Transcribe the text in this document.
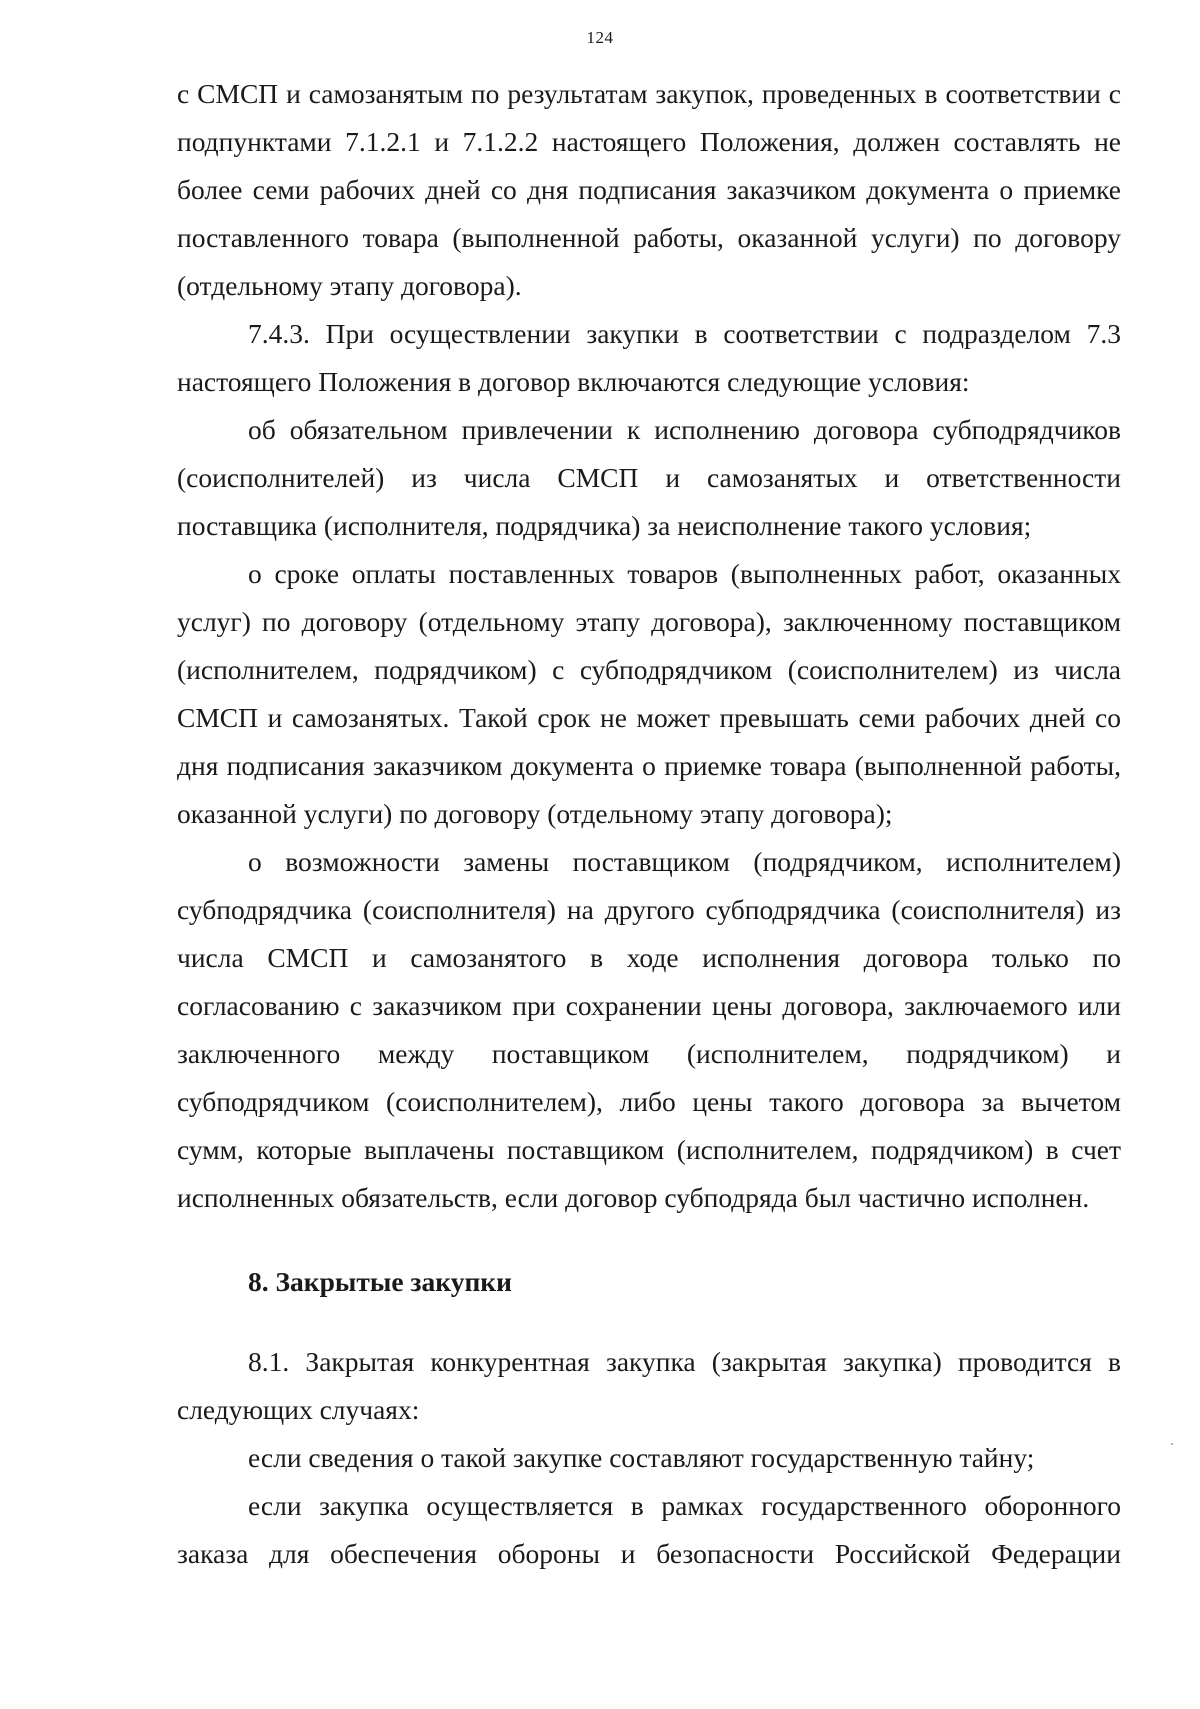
124

с СМСП и самозанятым по результатам закупок, проведенных в соответствии с подпунктами 7.1.2.1 и 7.1.2.2 настоящего Положения, должен составлять не более семи рабочих дней со дня подписания заказчиком документа о приемке поставленного товара (выполненной работы, оказанной услуги) по договору (отдельному этапу договора).

7.4.3. При осуществлении закупки в соответствии с подразделом 7.3 настоящего Положения в договор включаются следующие условия:

об обязательном привлечении к исполнению договора субподрядчиков (соисполнителей) из числа СМСП и самозанятых и ответственности поставщика (исполнителя, подрядчика) за неисполнение такого условия;

о сроке оплаты поставленных товаров (выполненных работ, оказанных услуг) по договору (отдельному этапу договора), заключенному поставщиком (исполнителем, подрядчиком) с субподрядчиком (соисполнителем) из числа СМСП и самозанятых. Такой срок не может превышать семи рабочих дней со дня подписания заказчиком документа о приемке товара (выполненной работы, оказанной услуги) по договору (отдельному этапу договора);

о возможности замены поставщиком (подрядчиком, исполнителем) субподрядчика (соисполнителя) на другого субподрядчика (соисполнителя) из числа СМСП и самозанятого в ходе исполнения договора только по согласованию с заказчиком при сохранении цены договора, заключаемого или заключенного между поставщиком (исполнителем, подрядчиком) и субподрядчиком (соисполнителем), либо цены такого договора за вычетом сумм, которые выплачены поставщиком (исполнителем, подрядчиком) в счет исполненных обязательств, если договор субподряда был частично исполнен.

8. Закрытые закупки

8.1. Закрытая конкурентная закупка (закрытая закупка) проводится в следующих случаях:

если сведения о такой закупке составляют государственную тайну;

если закупка осуществляется в рамках государственного оборонного заказа для обеспечения обороны и безопасности Российской Федерации
